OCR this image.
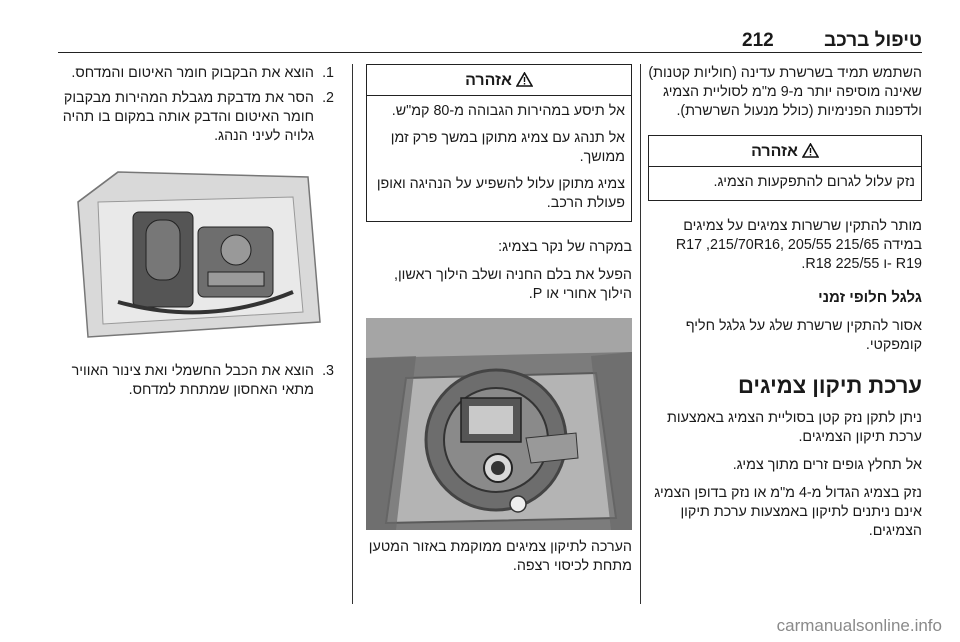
212	טיפול ברכב

השתמש תמיד בשרשרת עדינה (חוליות קטנות) שאינה מוסיפה יותר מ-9 מ"מ לסוליית הצמיג ולדפנות הפנימיות (כולל מנעול השרשרת).

אזהרה

נזק עלול לגרום להתפקעות הצמיג.

מותר להתקין שרשרות צמיגים על צמיגים במידה 215/65 R17 ,215/70R16, 205/55 R19 -ו 225/55 R18.

גלגל חלופי זמני

אסור להתקין שרשרת שלג על גלגל חליף קומפקטי.

ערכת תיקון צמיגים

ניתן לתקן נזק קטן בסוליית הצמיג באמצעות ערכת תיקון הצמיגים.

אל תחלץ גופים זרים מתוך צמיג.

נזק בצמיג הגדול מ-4 מ"מ או נזק בדופן הצמיג אינם ניתנים לתיקון באמצעות ערכת תיקון הצמיגים.

אזהרה

אל תיסע במהירות הגבוהה מ-80 קמ"ש.

אל תנהג עם צמיג מתוקן במשך פרק זמן ממושך.

צמיג מתוקן עלול להשפיע על הנהיגה ואופן פעולת הרכב.

במקרה של נקר בצמיג:

הפעל את בלם החניה ושלב הילוך ראשון, הילוך אחורי או P.

הערכה לתיקון צמיגים ממוקמת באזור המטען מתחת לכיסוי רצפה.

1.
הוצא את הבקבוק חומר האיטום והמדחס.
2.
הסר את מדבקת מגבלת המהירות מבקבוק חומר האיטום והדבק אותה במקום בו תהיה גלויה לעיני הנהג.
3.
הוצא את הכבל החשמלי ואת צינור האוויר מתאי האחסון שמתחת למדחס.
carmanualsonline.info
